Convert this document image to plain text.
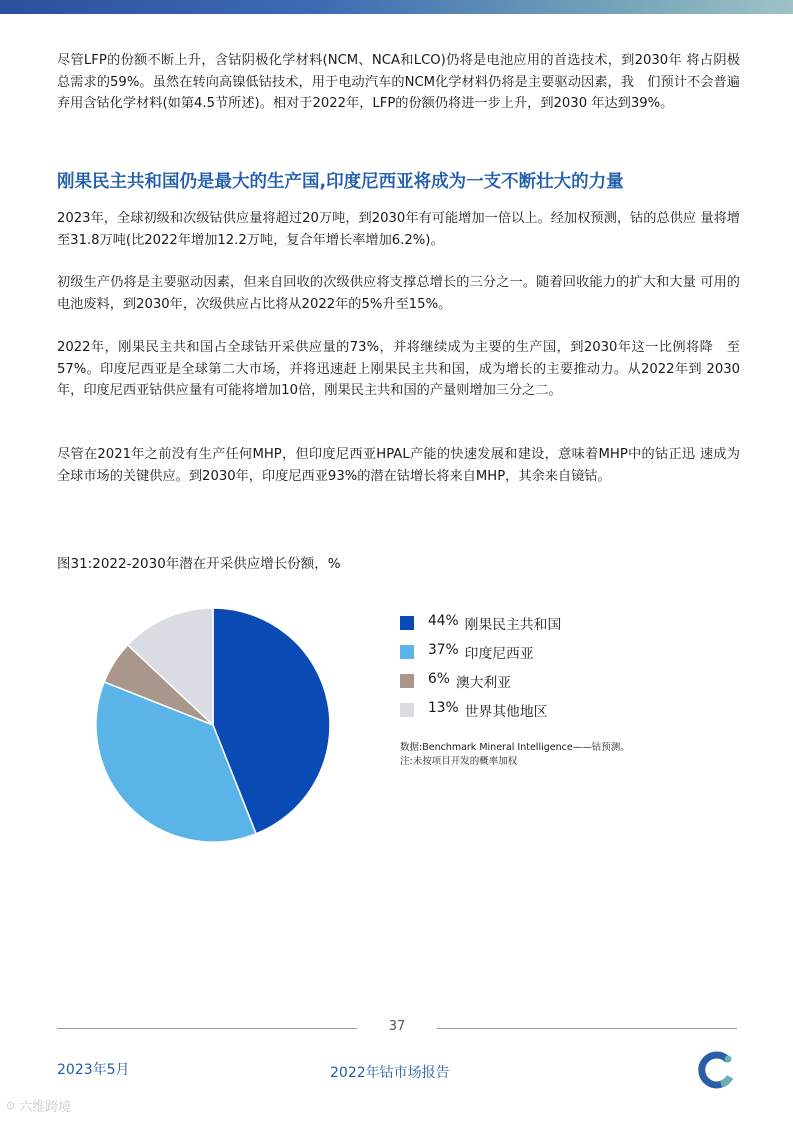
尽管LFP的份额不断上升，含钴阴极化学材料(NCM、NCA和LCO)仍将是电池应用的首选技术，到2030年 将占阴极总需求的59%。虽然在转向高镍低钴技术，用于电动汽车的NCM化学材料仍将是主要驱动因素，我　们预计不会普遍弃用含钴化学材料(如第4.5节所述)。相对于2022年，LFP的份额仍将进一步上升，到2030 年达到39%。

刚果民主共和国仍是最大的生产国,印度尼西亚将成为一支不断壮大的力量

2023年，全球初级和次级钴供应量将超过20万吨，到2030年有可能增加一倍以上。经加权预测，钴的总供应 量将增至31.8万吨(比2022年增加12.2万吨，复合年增长率增加6.2%)。

初级生产仍将是主要驱动因素，但来自回收的次级供应将支撑总增长的三分之一。随着回收能力的扩大和大量 可用的电池废料，到2030年，次级供应占比将从2022年的5%升至15%。

2022年，刚果民主共和国占全球钴开采供应量的73%，并将继续成为主要的生产国，到2030年这一比例将降　至57%。印度尼西亚是全球第二大市场，并将迅速赶上刚果民主共和国，成为增长的主要推动力。从2022年到 2030年，印度尼西亚钴供应量有可能将增加10倍，刚果民主共和国的产量则增加三分之二。

尽管在2021年之前没有生产任何MHP，但印度尼西亚HPAL产能的快速发展和建设，意味着MHP中的钴正迅 速成为全球市场的关键供应。到2030年，印度尼西亚93%的潜在钴增长将来自MHP，其余来自镜钴。

图31:2022-2030年潜在开采供应增长份额，%
44% 刚果民主共和国
37% 印度尼西亚
6% 澳大利亚
13% 世界其他地区
数据:Benchmark Mineral Intelligence——钴预测。
注:未按项目开发的概率加权
37
2023年5月	2022年钴市场报告
⊙ 六维跨境
